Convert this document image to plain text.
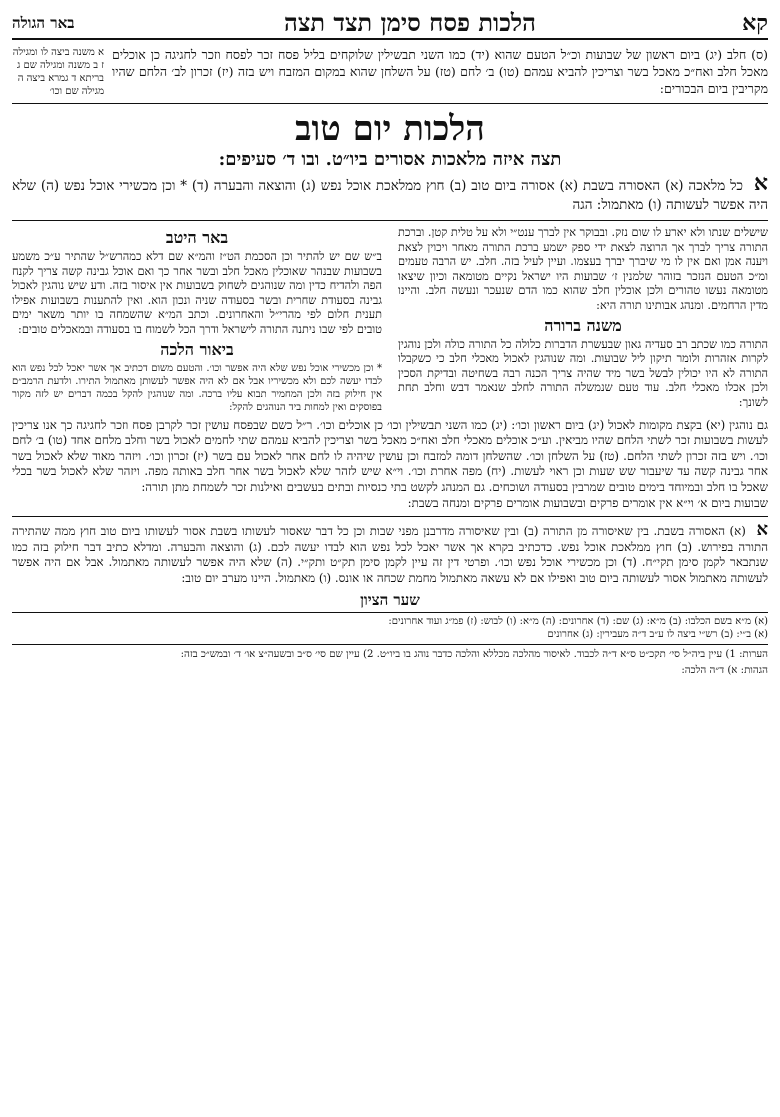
קא
הלכות פסח סימן תצד תצה
באר הגולה
(ס) חלב (יג) ביום ראשון של שבועות וכ״ל הטעם שהוא (יד) כמו השני תבשילין שלוקחים בליל פסח זכר לפסח וזכר לחגיגה כן אוכלים מאכל חלב ואח״כ מאכל בשר וצריכין להביא עמהם (טו) ב׳ לחם (טז) על השלחן שהוא במקום המזבח ויש בזה (יז) זכרון לב׳ הלחם שהיו מקריבין ביום הבכורים:
א משנה ביצה לו ומגילה ז ב משנה ומגילה שם ג בריתא ד גמרא ביצה ה מגילה שם וכו׳
הלכות יום טוב
תצה איזה מלאכות אסורים ביו״ט. ובו ד׳ סעיפים:
א כל מלאכה (א) האסורה בשבת (א) אסורה ביום טוב (ב) חוץ ממלאכת אוכל נפש (ג) והוצאה והבערה (ד) * וכן מכשירי אוכל נפש (ה) שלא היה אפשר לעשותה (ו) מאתמול: הגה
שישלים שנתו ולא יארע לו שום נזק. ובבוקר אין לברך ענט״י ולא על טלית קטן. וברכת התורה צריך לברך אך הרוצה לצאת ידי ספק ישמע ברכת התורה מאחר ויכוין לצאת ויענה אמן ואם אין לו מי שיברך יברך בעצמו. ועיין לעיל בזה. חלב. יש הרבה טעמים ומ״כ הטעם הנזכר בזוהר שלמנין ז׳ שבועות היו ישראל נקיים מטומאה וכיון שיצאו מטומאה נעשו טהורים ולכן אוכלין חלב שהוא כמו הדם שנעכר ונעשה חלב. והיינו מדין הרחמים. ומנהג אבותינו תורה היא:
משנה ברורה
התורה כמו שכתב רב סעדיה גאון שבעשרת הדברות כלולה כל התורה כולה ולכן נוהגין לקרות אזהרות ולומר תיקון ליל שבועות. ומה שנוהגין לאכול מאכלי חלב כי כשקבלו התורה לא היו יכולין לבשל בשר מיד שהיה צריך הכנה רבה בשחיטה ובדיקת הסכין ולכן אכלו מאכלי חלב. עוד טעם שנמשלה התורה לחלב שנאמר דבש וחלב תחת לשונך:
באר היטב
ב״ש שם יש להתיר וכן הסכמת הט״ז והמ״א שם דלא כמהרש״ל שהתיר ע״כ משמע בשבועות שבנהר שאוכלין מאכל חלב ובשר אחר כך ואם אוכל גבינה קשה צריך לקנח הפה ולהדיח כדין ומה שנוהגים לשחוק בשבועות אין איסור בזה. ודע שיש נוהגין לאכול גבינה בסעודת שחרית ובשר בסעודה שניה ונכון הוא. ואין להתענות בשבועות אפילו תענית חלום לפי מהרי״ל והאחרונים. וכתב המ״א שהשמחה בו יותר משאר ימים טובים לפי שבו ניתנה התורה לישראל ודרך הכל לשמוח בו בסעודה ובמאכלים טובים:
ביאור הלכה
* וכן מכשירי אוכל נפש שלא היה אפשר וכו׳. והטעם משום דכתיב אך אשר יאכל לכל נפש הוא לבדו יעשה לכם ולא מכשיריו אבל אם לא היה אפשר לעשותן מאתמול התירו. ולדעת הרמב״ם אין חילוק בזה ולכן המחמיר תבוא עליו ברכה. ומה שנוהגין להקל בכמה דברים יש לזה מקור בפוסקים ואין למחות ביד הנוהגים להקל:
גם נוהגין (יא) בקצת מקומות לאכול (יג) ביום ראשון וכו׳: (יג) כמו השני תבשילין וכו׳ כן אוכלים וכו׳. ר״ל כשם שבפסח עושין זכר לקרבן פסח וזכר לחגיגה כך אנו צריכין לעשות בשבועות זכר לשתי הלחם שהיו מביאין. וע״כ אוכלים מאכלי חלב ואח״כ מאכל בשר וצריכין להביא עמהם שתי לחמים לאכול בשר וחלב מלחם אחד (טו) ב׳ לחם וכו׳. ויש בזה זכרון לשתי הלחם. (טז) על השלחן וכו׳. שהשלחן דומה למזבח וכן עושין שיהיה לו לחם אחר לאכול עם בשר (יז) זכרון וכו׳. ויזהר מאוד שלא לאכול בשר אחר גבינה קשה עד שיעבור שש שעות וכן ראוי לעשות. (יח) מפה אחרת וכו׳. וי״א שיש לזהר שלא לאכול בשר אחר חלב באותה מפה. ויזהר שלא לאכול בשר בכלי שאכל בו חלב ובמיוחד בימים טובים שמרבין בסעודה ושוכחים. גם המנהג לקשט בתי כנסיות ובתים בעשבים ואילנות זכר לשמחת מתן תורה:
שבועות ביום א׳ וי״א אין אומרים פרקים ובשבועות אומרים פרקים ומנחה בשבת:
א (א) האסורה בשבת. בין שאיסורה מן התורה (ב) ובין שאיסורה מדרבנן מפני שבות וכן כל דבר שאסור לעשותו בשבת אסור לעשותו ביום טוב חוץ ממה שהתירה התורה בפירוש. (ב) חוץ ממלאכת אוכל נפש. כדכתיב בקרא אך אשר יאכל לכל נפש הוא לבדו יעשה לכם. (ג) והוצאה והבערה. ומדלא כתיב דבר חילוק בזה כמו שנתבאר לקמן סימן תקי״ח. (ד) וכן מכשירי אוכל נפש וכו׳. ופרטי דין זה עיין לקמן סימן תק״ט ותק״י. (ה) שלא היה אפשר לעשותה מאתמול. אבל אם היה אפשר לעשותה מאתמול אסור לעשותה ביום טוב ואפילו אם לא עשאה מאתמול מחמת שכחה או אונס. (ו) מאתמול. היינו מערב יום טוב:
שער הציון
(א) מ״א בשם הכלבו: (ב) מ״א: (ג) שם: (ד) אחרונים: (ה) מ״א: (ו) לבוש: (ז) פמ״ג ועוד אחרונים:
(א) ב״י: (ב) רש״י ביצה לו ע״ב ד״ה מעבירין: (ג) אחרונים
הערות: 1) עיין ביה״ל סי׳ תקכ״ט ס״א ד״ה לכבוד. לאיסור מהלכה מכללא והלכה כדבר נוהג בו ביו״ט. 2) עיין שם סי׳ ס״ב ובשעה״צ או׳ ד׳ ובמש״כ בזה:
הגהות: א) ד״ה הלכה:
